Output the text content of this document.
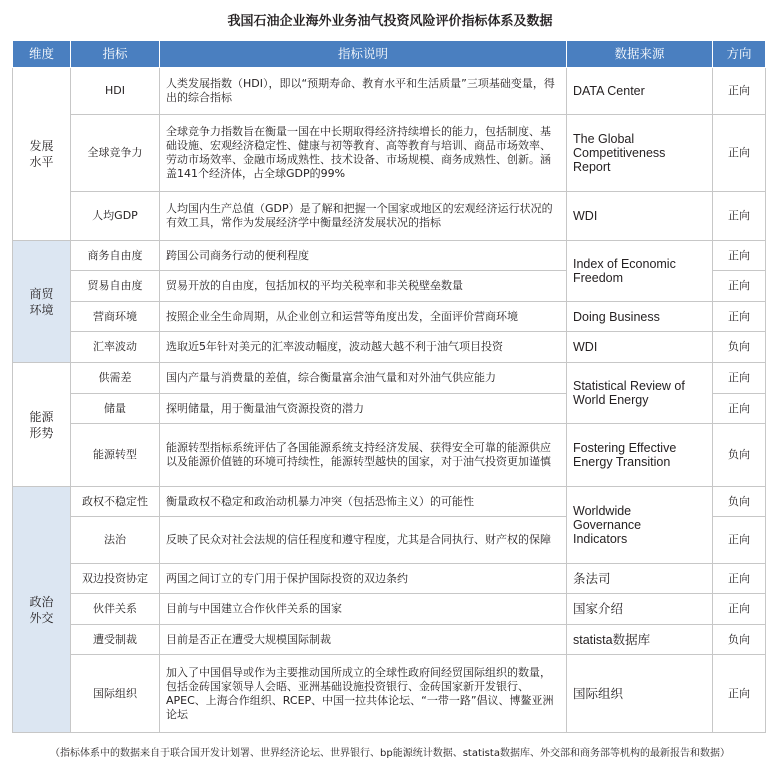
我国石油企业海外业务油气投资风险评价指标体系及数据
维度	指标	指标说明	数据来源	方向
发展
水平	HDI	人类发展指数（HDI），即以“预期寿命、教育水平和生活质量”三项基础变量，得出的综合指标	DATA Center	正向
	全球竞争力	全球竞争力指数旨在衡量一国在中长期取得经济持续增长的能力，包括制度、基础设施、宏观经济稳定性、健康与初等教育、高等教育与培训、商品市场效率、劳动市场效率、金融市场成熟性、技术设备、市场规模、商务成熟性、创新。涵盖141个经济体，占全球GDP的99%	The Global
Competitiveness
Report	正向
	人均GDP	人均国内生产总值（GDP）是了解和把握一个国家或地区的宏观经济运行状况的有效工具，常作为发展经济学中衡量经济发展状况的指标	WDI	正向
商贸
环境	商务自由度	跨国公司商务行动的便利程度	Index of Economic
Freedom	正向
	贸易自由度	贸易开放的自由度，包括加权的平均关税率和非关税壁垒数量		正向
	营商环境	按照企业全生命周期，从企业创立和运营等角度出发，全面评价营商环境	Doing Business	正向
	汇率波动	选取近5年针对美元的汇率波动幅度，波动越大越不利于油气项目投资	WDI	负向
能源
形势	供需差	国内产量与消费量的差值，综合衡量富余油气量和对外油气供应能力	Statistical Review of
World Energy	正向
	储量	探明储量，用于衡量油气资源投资的潜力		正向
	能源转型	能源转型指标系统评估了各国能源系统支持经济发展、获得安全可靠的能源供应以及能源价值链的环境可持续性，能源转型越快的国家，对于油气投资更加谨慎	Fostering Effective
Energy Transition	负向
政治
外交	政权不稳定性	衡量政权不稳定和政治动机暴力冲突（包括恐怖主义）的可能性	Worldwide
Governance
Indicators	负向
	法治	反映了民众对社会法规的信任程度和遵守程度，尤其是合同执行、财产权的保障		正向
	双边投资协定	两国之间订立的专门用于保护国际投资的双边条约	条法司	正向
	伙伴关系	目前与中国建立合作伙伴关系的国家	国家介绍	正向
	遭受制裁	目前是否正在遭受大规模国际制裁	statista数据库	负向
	国际组织	加入了中国倡导或作为主要推动国所成立的全球性政府间经贸国际组织的数量，包括金砖国家领导人会晤、亚洲基础设施投资银行、金砖国家新开发银行、APEC、上海合作组织、RCEP、中国一拉共体论坛、“一带一路”倡议、博鳌亚洲论坛	国际组织	正向
（指标体系中的数据来自于联合国开发计划署、世界经济论坛、世界银行、bp能源统计数据、statista数据库、外交部和商务部等机构的最新报告和数据）
